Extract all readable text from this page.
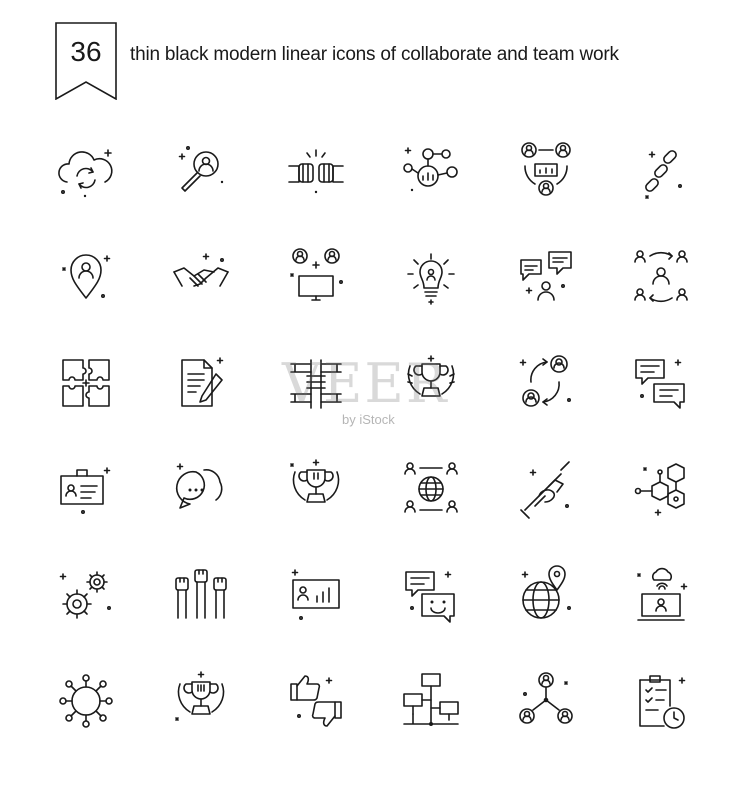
36	thin black modern linear icons of collaborate and team work
VEER
by iStock
